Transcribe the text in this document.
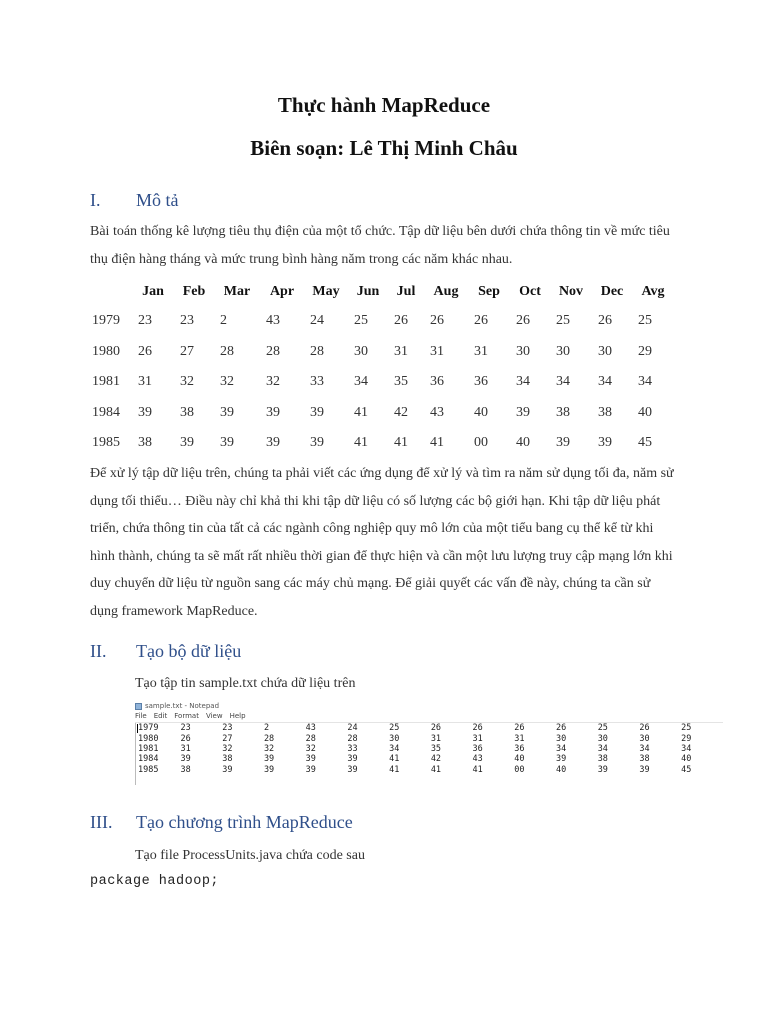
Thực hành MapReduce
Biên soạn: Lê Thị Minh Châu
I. Mô tả
Bài toán thống kê lượng tiêu thụ điện của một tổ chức. Tập dữ liệu bên dưới chứa thông tin về mức tiêu thụ điện hàng tháng và mức trung bình hàng năm trong các năm khác nhau.
	Jan	Feb	Mar	Apr	May	Jun	Jul	Aug	Sep	Oct	Nov	Dec	Avg
1979	23	23	2	43	24	25	26	26	26	26	25	26	25
1980	26	27	28	28	28	30	31	31	31	30	30	30	29
1981	31	32	32	32	33	34	35	36	36	34	34	34	34
1984	39	38	39	39	39	41	42	43	40	39	38	38	40
1985	38	39	39	39	39	41	41	41	00	40	39	39	45
Để xử lý tập dữ liệu trên, chúng ta phải viết các ứng dụng để xử lý và tìm ra năm sử dụng tối đa, năm sử dụng tối thiểu… Điều này chỉ khả thi khi tập dữ liệu có số lượng các bộ giới hạn. Khi tập dữ liệu phát triển, chứa thông tin của tất cả các ngành công nghiệp quy mô lớn của một tiểu bang cụ thể kể từ khi hình thành, chúng ta sẽ mất rất nhiều thời gian để thực hiện và cần một lưu lượng truy cập mạng lớn khi duy chuyển dữ liệu từ nguồn sang các máy chủ mạng. Để giải quyết các vấn đề này, chúng ta cần sử dụng framework MapReduce.
II. Tạo bộ dữ liệu
Tạo tập tin sample.txt chứa dữ liệu trên
sample.txt - Notepad
File Edit Format View Help
1979	23	23	2	43	24	25	26	26	26	26	25	26	25
1980	26	27	28	28	28	30	31	31	31	30	30	30	29
1981	31	32	32	32	33	34	35	36	36	34	34	34	34
1984	39	38	39	39	39	41	42	43	40	39	38	38	40
1985	38	39	39	39	39	41	41	41	00	40	39	39	45
III. Tạo chương trình MapReduce
Tạo file ProcessUnits.java chứa code sau
package hadoop;
